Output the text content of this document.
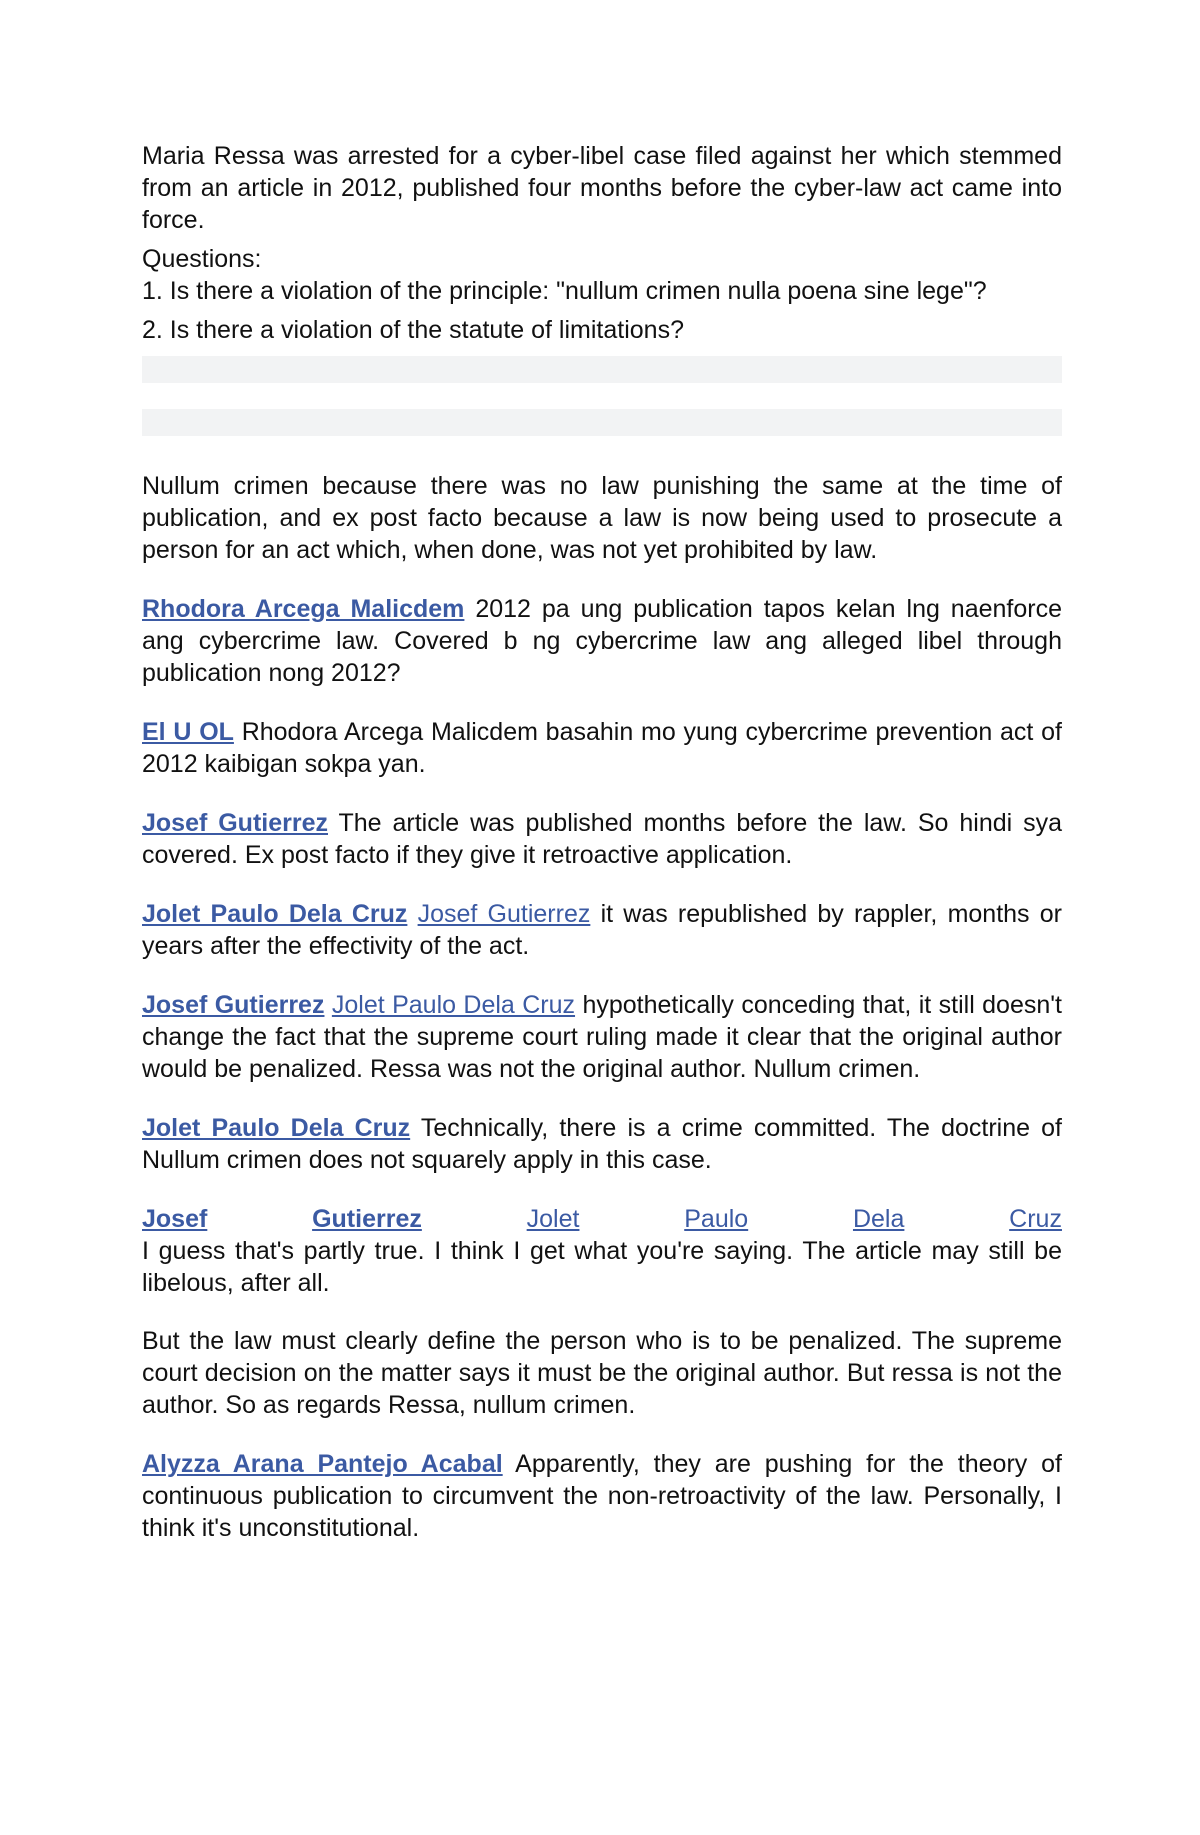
Maria Ressa was arrested for a cyber-libel case filed against her which stemmed from an article in 2012, published four months before the cyber-law act came into force.

Questions:

1. Is there a violation of the principle: "nullum crimen nulla poena sine lege"?

2. Is there a violation of the statute of limitations?

Nullum crimen because there was no law punishing the same at the time of publication, and ex post facto because a law is now being used to prosecute a person for an act which, when done, was not yet prohibited by law.

Rhodora Arcega Malicdem 2012 pa ung publication tapos kelan lng naenforce ang cybercrime law. Covered b ng cybercrime law ang alleged libel through publication nong 2012?

El U OL Rhodora Arcega Malicdem basahin mo yung cybercrime prevention act of 2012 kaibigan sokpa yan.

Josef Gutierrez The article was published months before the law. So hindi sya covered. Ex post facto if they give it retroactive application.

Jolet Paulo Dela Cruz Josef Gutierrez it was republished by rappler, months or years after the effectivity of the act.

Josef Gutierrez Jolet Paulo Dela Cruz hypothetically conceding that, it still doesn't change the fact that the supreme court ruling made it clear that the original author would be penalized. Ressa was not the original author. Nullum crimen.

Jolet Paulo Dela Cruz Technically, there is a crime committed. The doctrine of Nullum crimen does not squarely apply in this case.

Josef	Gutierrez	Jolet	Paulo	Dela	Cruz

I guess that's partly true. I think I get what you're saying. The article may still be libelous, after all.

But the law must clearly define the person who is to be penalized. The supreme court decision on the matter says it must be the original author. But ressa is not the author. So as regards Ressa, nullum crimen.

Alyzza Arana Pantejo Acabal Apparently, they are pushing for the theory of continuous publication to circumvent the non-retroactivity of the law. Personally, I think it's unconstitutional.
